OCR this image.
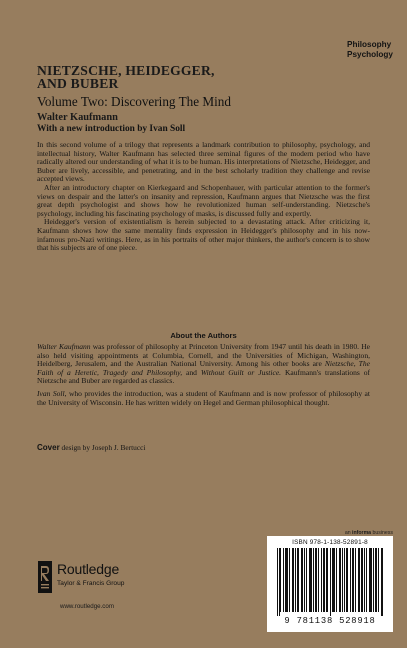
Philosophy
Psychology
NIETZSCHE, HEIDEGGER,
AND BUBER
Volume Two: Discovering The Mind
Walter Kaufmann
With a new introduction by Ivan Soll

In this second volume of a trilogy that represents a landmark contribution to philosophy, psychology, and intellectual history, Walter Kaufmann has selected three seminal figures of the modern period who have radically altered our understanding of what it is to be human. His interpretations of Nietzsche, Heidegger, and Buber are lively, accessible, and penetrating, and in the best scholarly tradition they challenge and revise accepted views.

After an introductory chapter on Kierkegaard and Schopenhauer, with particular attention to the former's views on despair and the latter's on insanity and repression, Kaufmann argues that Nietzsche was the first great depth psychologist and shows how he revolutionized human self-understanding. Nietzsche's psychology, including his fascinating psychology of masks, is discussed fully and expertly.

Heidegger's version of existentialism is herein subjected to a devastating attack. After criticizing it, Kaufmann shows how the same mentality finds expression in Heidegger's philosophy and in his now-infamous pro-Nazi writings. Here, as in his portraits of other major thinkers, the author's concern is to show that his subjects are of one piece.

About the Authors

Walter Kaufmann was professor of philosophy at Princeton University from 1947 until his death in 1980. He also held visiting appointments at Columbia, Cornell, and the Universities of Michigan, Washington, Heidelberg, Jerusalem, and the Australian National University. Among his other books are Nietzsche, The Faith of a Heretic, Tragedy and Philosophy, and Without Guilt or Justice. Kaufmann's translations of Nietzsche and Buber are regarded as classics.

Ivan Soll, who provides the introduction, was a student of Kaufmann and is now professor of philosophy at the University of Wisconsin. He has written widely on Hegel and German philosophical thought.

Cover design by Joseph J. Bertucci
an informa business
Routledge
Taylor & Francis Group
www.routledge.com
ISBN 978-1-138-52891-8
9 781138 528918
